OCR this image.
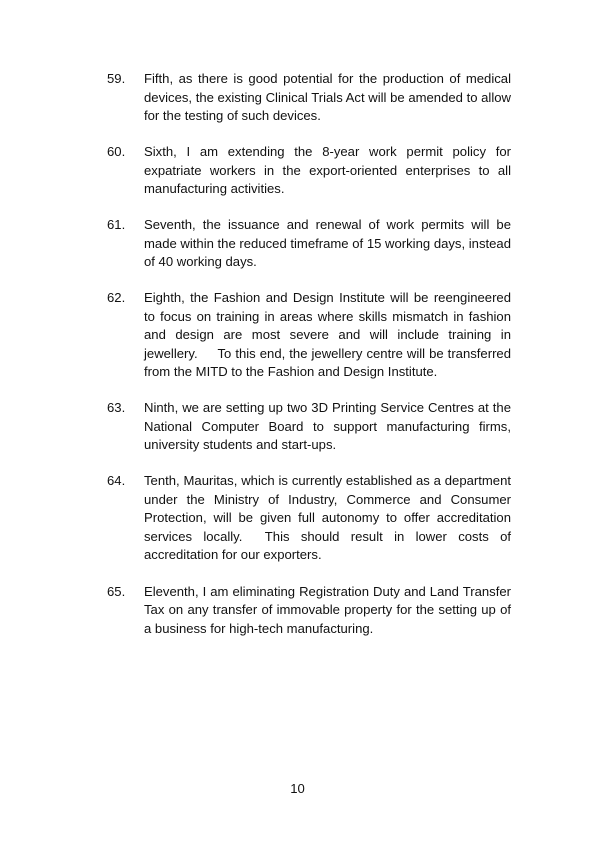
59.	Fifth, as there is good potential for the production of medical devices, the existing Clinical Trials Act will be amended to allow for the testing of such devices.
60.	Sixth, I am extending the 8-year work permit policy for expatriate workers in the export-oriented enterprises to all manufacturing activities.
61.	Seventh, the issuance and renewal of work permits will be made within the reduced timeframe of 15 working days, instead of 40 working days.
62.	Eighth, the Fashion and Design Institute will be reengineered to focus on training in areas where skills mismatch in fashion and design are most severe and will include training in jewellery.     To this end, the jewellery centre will be transferred from the MITD to the Fashion and Design Institute.
63.	Ninth, we are setting up two 3D Printing Service Centres at the National Computer Board to support manufacturing firms, university students and start-ups.
64.	Tenth, Mauritas, which is currently established as a department under the Ministry of Industry, Commerce and Consumer Protection, will be given full autonomy to offer accreditation services locally.  This should result in lower costs of accreditation for our exporters.
65.	Eleventh, I am eliminating Registration Duty and Land Transfer Tax on any transfer of immovable property for the setting up of a business for high-tech manufacturing.
10
